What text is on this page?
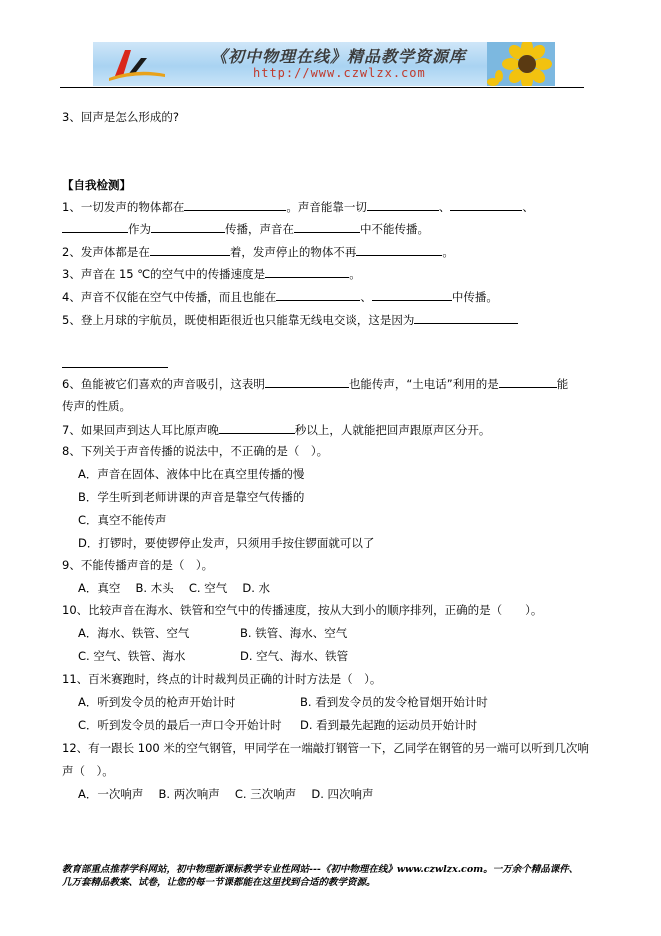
《初中物理在线》精品教学资源库
http://www.czwlzx.com
3、回声是怎么形成的?
【自我检测】
1、一切发声的物体都在	。声音能靠一切	、	、
作为	传播，声音在	中不能传播。
2、发声体都是在	着，发声停止的物体不再	。
3、声音在 15 ℃的空气中的传播速度是	。
4、声音不仅能在空气中传播，而且也能在	、	中传播。
5、登上月球的宇航员，既使相距很近也只能靠无线电交谈，这是因为
6、鱼能被它们喜欢的声音吸引，这表明	也能传声，“土电话”利用的是	能
传声的性质。
7、如果回声到达人耳比原声晚	秒以上，人就能把回声跟原声区分开。
8、下列关于声音传播的说法中，不正确的是（　）。
A．声音在固体、液体中比在真空里传播的慢
B．学生听到老师讲课的声音是靠空气传播的
C．真空不能传声
D．打锣时，要使锣停止发声，只须用手按住锣面就可以了
9、不能传播声音的是（　）。
A．真空　 B. 木头　 C. 空气　 D. 水
10、比较声音在海水、铁管和空气中的传播速度，按从大到小的顺序排列，正确的是（　　）。
A．海水、铁管、空气	B. 铁管、海水、空气
C. 空气、铁管、海水	D. 空气、海水、铁管
11、百米赛跑时，终点的计时裁判员正确的计时方法是（　）。
A．听到发令员的枪声开始计时	B. 看到发令员的发令枪冒烟开始计时
C．听到发令员的最后一声口令开始计时 D. 看到最先起跑的运动员开始计时
12、有一跟长 100 米的空气钢管，甲同学在一端敲打钢管一下，乙同学在钢管的另一端可以听到几次响
声（　）。
A．一次响声　 B. 两次响声　 C. 三次响声　 D. 四次响声
教育部重点推荐学科网站，初中物理新课标教学专业性网站---《初中物理在线》www.czwlzx.com。一万余个精品课件、
几万套精品教案、试卷，让您的每一节课都能在这里找到合适的教学资源。
